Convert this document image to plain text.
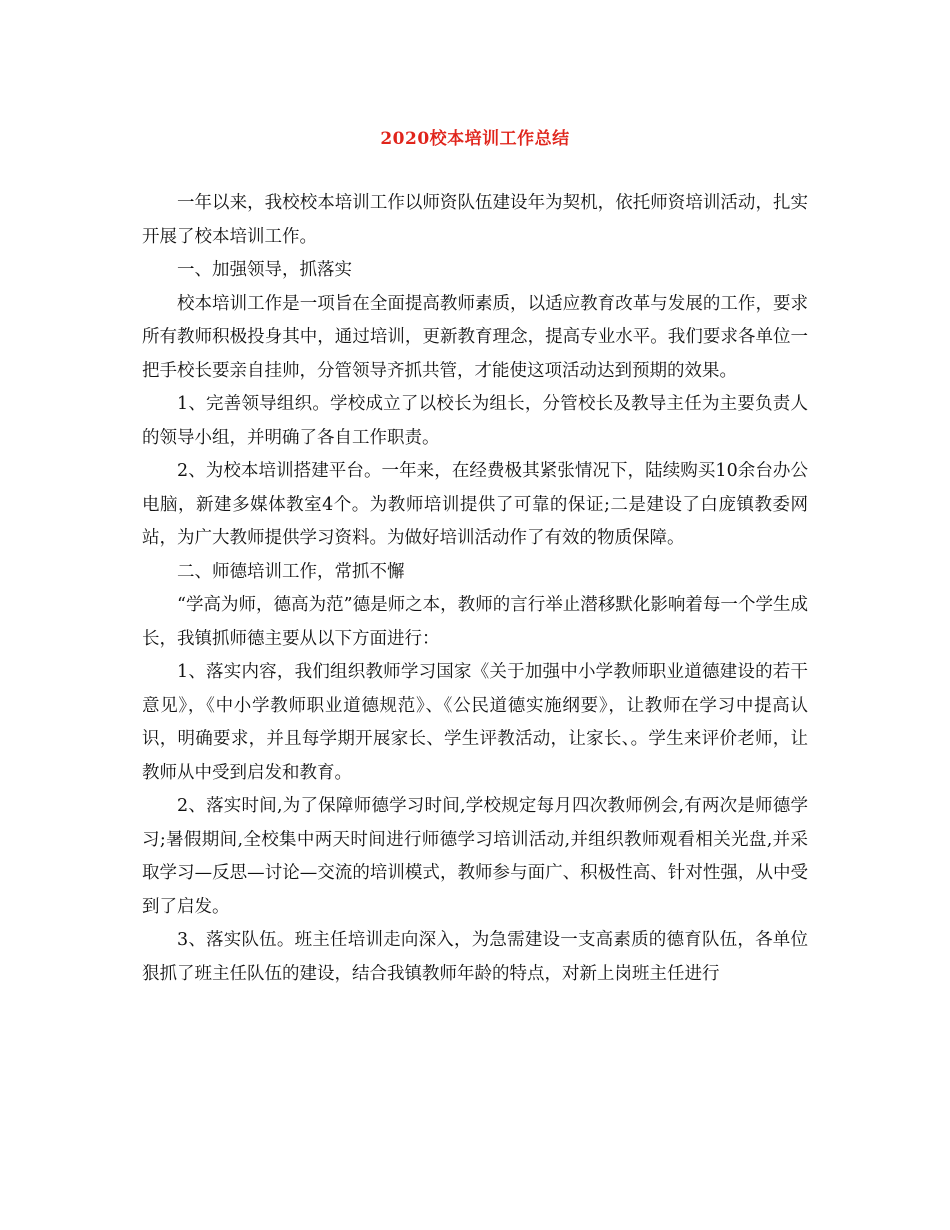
2020校本培训工作总结

一年以来，我校校本培训工作以师资队伍建设年为契机，依托师资培训活动，扎实开展了校本培训工作。

一、加强领导，抓落实

校本培训工作是一项旨在全面提高教师素质，以适应教育改革与发展的工作，要求所有教师积极投身其中，通过培训，更新教育理念，提高专业水平。我们要求各单位一把手校长要亲自挂帅，分管领导齐抓共管，才能使这项活动达到预期的效果。

1、完善领导组织。学校成立了以校长为组长，分管校长及教导主任为主要负责人的领导小组，并明确了各自工作职责。

2、为校本培训搭建平台。一年来，在经费极其紧张情况下，陆续购买10余台办公电脑，新建多媒体教室4个。为教师培训提供了可靠的保证;二是建设了白庞镇教委网站，为广大教师提供学习资料。为做好培训活动作了有效的物质保障。

二、师德培训工作，常抓不懈

“学高为师，德高为范”德是师之本，教师的言行举止潜移默化影响着每一个学生成长，我镇抓师德主要从以下方面进行：

1、落实内容，我们组织教师学习国家《关于加强中小学教师职业道德建设的若干意见》，《中小学教师职业道德规范》、《公民道德实施纲要》，让教师在学习中提高认识，明确要求，并且每学期开展家长、学生评教活动，让家长、。学生来评价老师，让教师从中受到启发和教育。

2、落实时间,为了保障师德学习时间,学校规定每月四次教师例会,有两次是师德学习;暑假期间,全校集中两天时间进行师德学习培训活动,并组织教师观看相关光盘,并采取学习—反思—讨论—交流的培训模式，教师参与面广、积极性高、针对性强，从中受到了启发。

3、落实队伍。班主任培训走向深入，为急需建设一支高素质的德育队伍，各单位狠抓了班主任队伍的建设，结合我镇教师年龄的特点，对新上岗班主任进行
